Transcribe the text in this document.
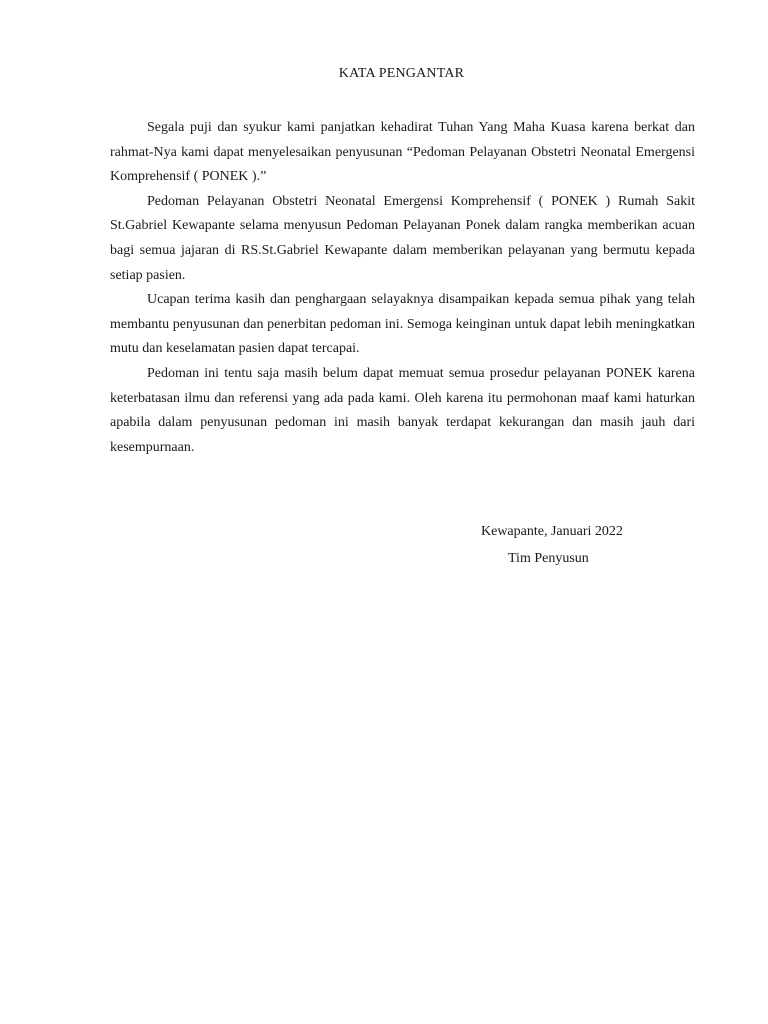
KATA PENGANTAR

Segala puji dan syukur kami panjatkan kehadirat Tuhan Yang Maha Kuasa karena berkat dan rahmat-Nya kami dapat menyelesaikan penyusunan “Pedoman Pelayanan Obstetri Neonatal Emergensi Komprehensif ( PONEK ).”

Pedoman Pelayanan Obstetri Neonatal Emergensi Komprehensif ( PONEK ) Rumah Sakit St.Gabriel Kewapante selama menyusun Pedoman Pelayanan Ponek dalam rangka memberikan acuan bagi semua jajaran di RS.St.Gabriel Kewapante dalam memberikan pelayanan yang bermutu kepada setiap pasien.

Ucapan terima kasih dan penghargaan selayaknya disampaikan kepada semua pihak yang telah membantu penyusunan dan penerbitan pedoman ini. Semoga keinginan untuk dapat lebih meningkatkan mutu dan keselamatan pasien dapat tercapai.

Pedoman ini tentu saja masih belum dapat memuat semua prosedur pelayanan PONEK karena keterbatasan ilmu dan referensi yang ada pada kami. Oleh karena itu permohonan maaf kami haturkan apabila dalam penyusunan pedoman ini masih banyak terdapat kekurangan dan masih jauh dari kesempurnaan.

Kewapante, Januari 2022
Tim Penyusun
